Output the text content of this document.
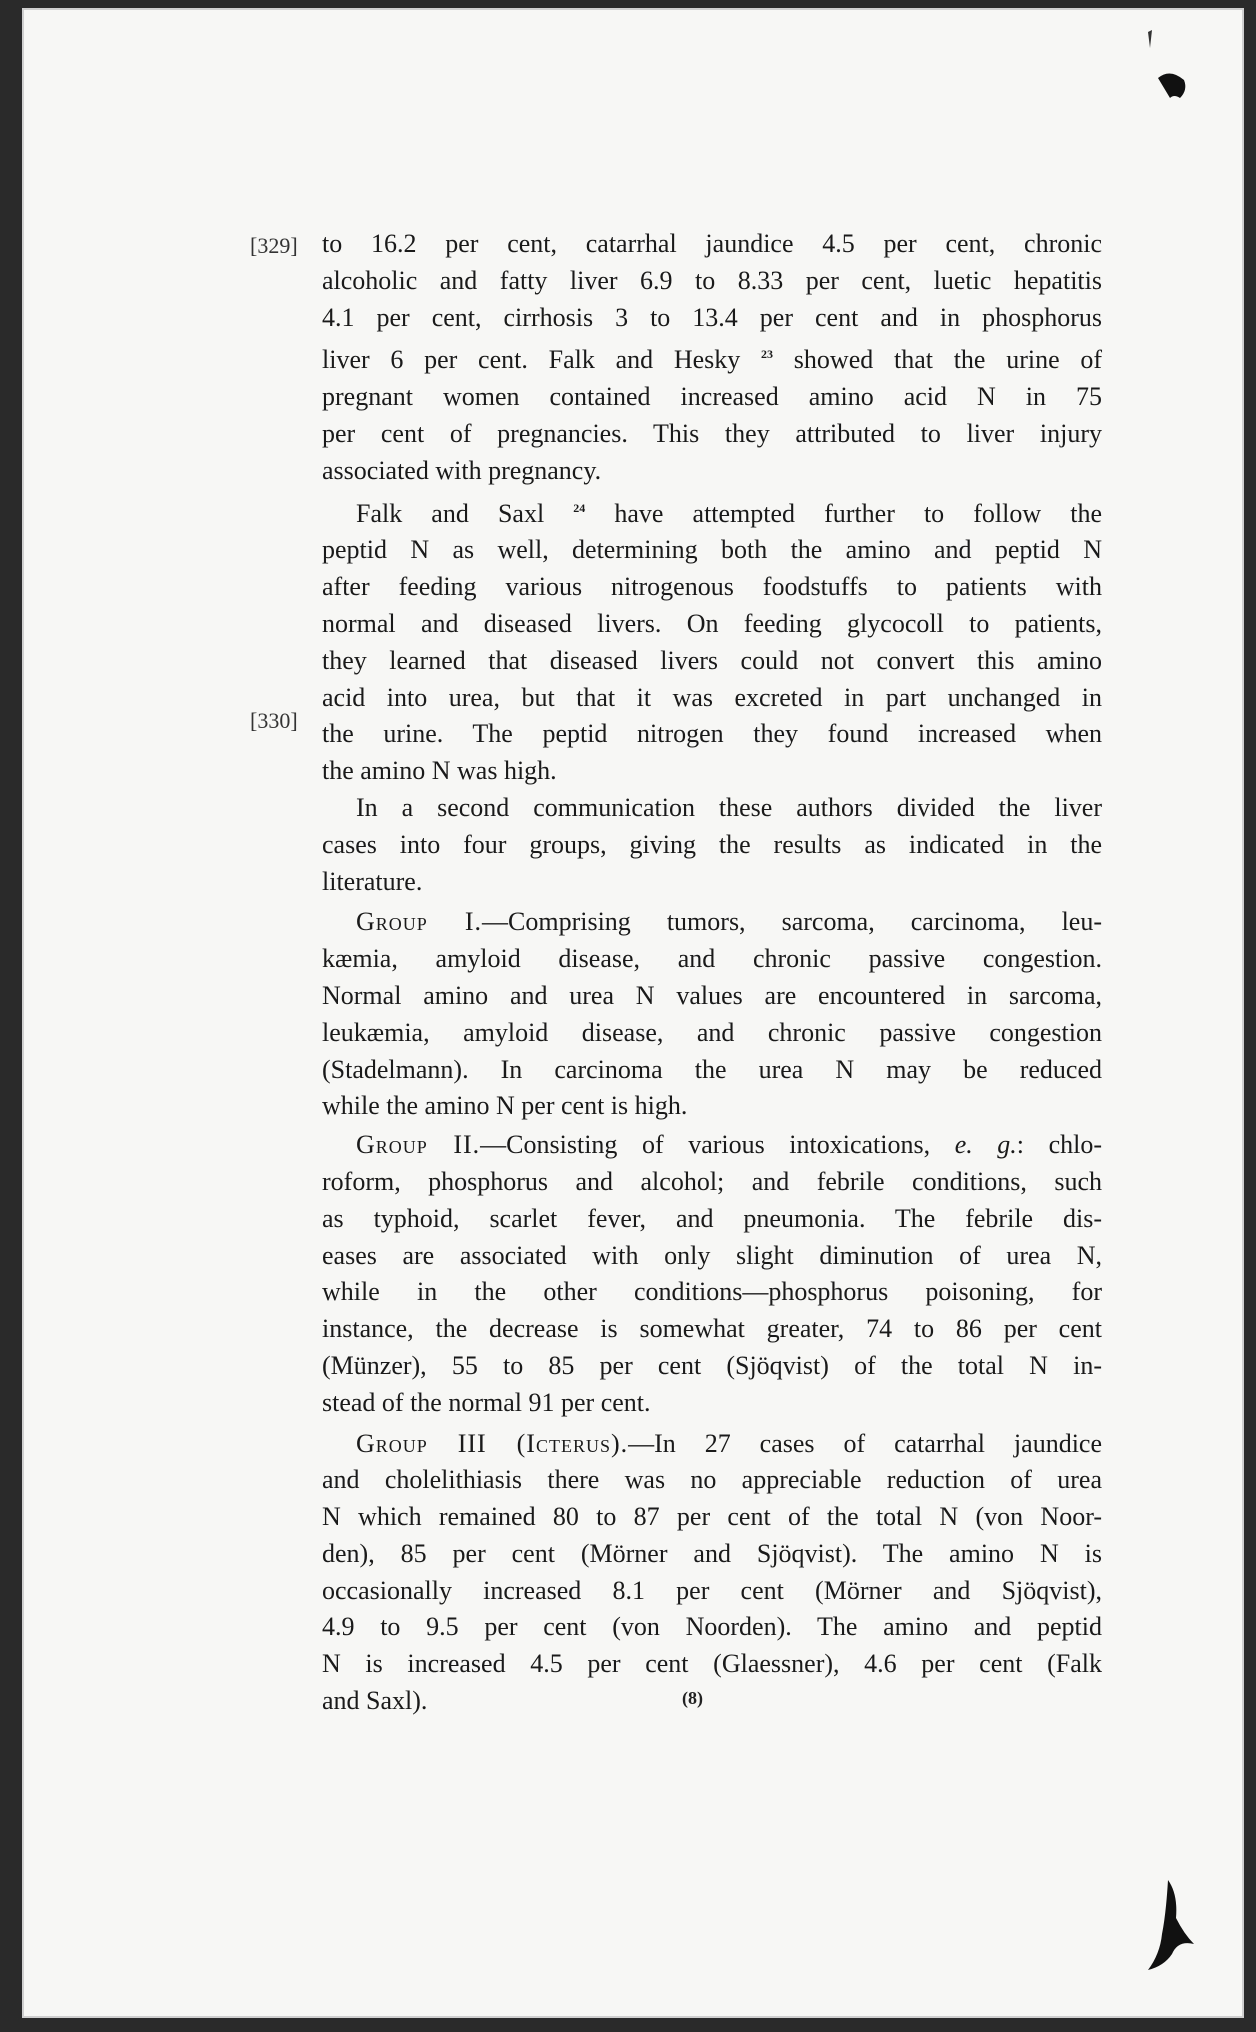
[329]
[330]
to 16.2 per cent, catarrhal jaundice 4.5 per cent, chronic
alcoholic and fatty liver 6.9 to 8.33 per cent, luetic hepatitis
4.1 per cent, cirrhosis 3 to 13.4 per cent and in phosphorus
liver 6 per cent. Falk and Hesky $^{23}$ showed that the urine of
pregnant women contained increased amino acid N in 75
per cent of pregnancies. This they attributed to liver injury
associated with pregnancy.
Falk and Saxl $^{24}$ have attempted further to follow the
peptid N as well, determining both the amino and peptid N
after feeding various nitrogenous foodstuffs to patients with
normal and diseased livers. On feeding glycocoll to patients,
they learned that diseased livers could not convert this amino
acid into urea, but that it was excreted in part unchanged in
the urine. The peptid nitrogen they found increased when
the amino N was high.
In a second communication these authors divided the liver
cases into four groups, giving the results as indicated in the
literature.
Group I.—Comprising tumors, sarcoma, carcinoma, leu-
kæmia, amyloid disease, and chronic passive congestion.
Normal amino and urea N values are encountered in sarcoma,
leukæmia, amyloid disease, and chronic passive congestion
(Stadelmann). In carcinoma the urea N may be reduced
while the amino N per cent is high.
Group II.—Consisting of various intoxications, e. g.: chlo-
roform, phosphorus and alcohol; and febrile conditions, such
as typhoid, scarlet fever, and pneumonia. The febrile dis-
eases are associated with only slight diminution of urea N,
while in the other conditions—phosphorus poisoning, for
instance, the decrease is somewhat greater, 74 to 86 per cent
(Münzer), 55 to 85 per cent (Sjöqvist) of the total N in-
stead of the normal 91 per cent.
Group III (Icterus).—In 27 cases of catarrhal jaundice
and cholelithiasis there was no appreciable reduction of urea
N which remained 80 to 87 per cent of the total N (von Noor-
den), 85 per cent (Mörner and Sjöqvist). The amino N is
occasionally increased 8.1 per cent (Mörner and Sjöqvist),
4.9 to 9.5 per cent (von Noorden). The amino and peptid
N is increased 4.5 per cent (Glaessner), 4.6 per cent (Falk
and Saxl).	(8)
